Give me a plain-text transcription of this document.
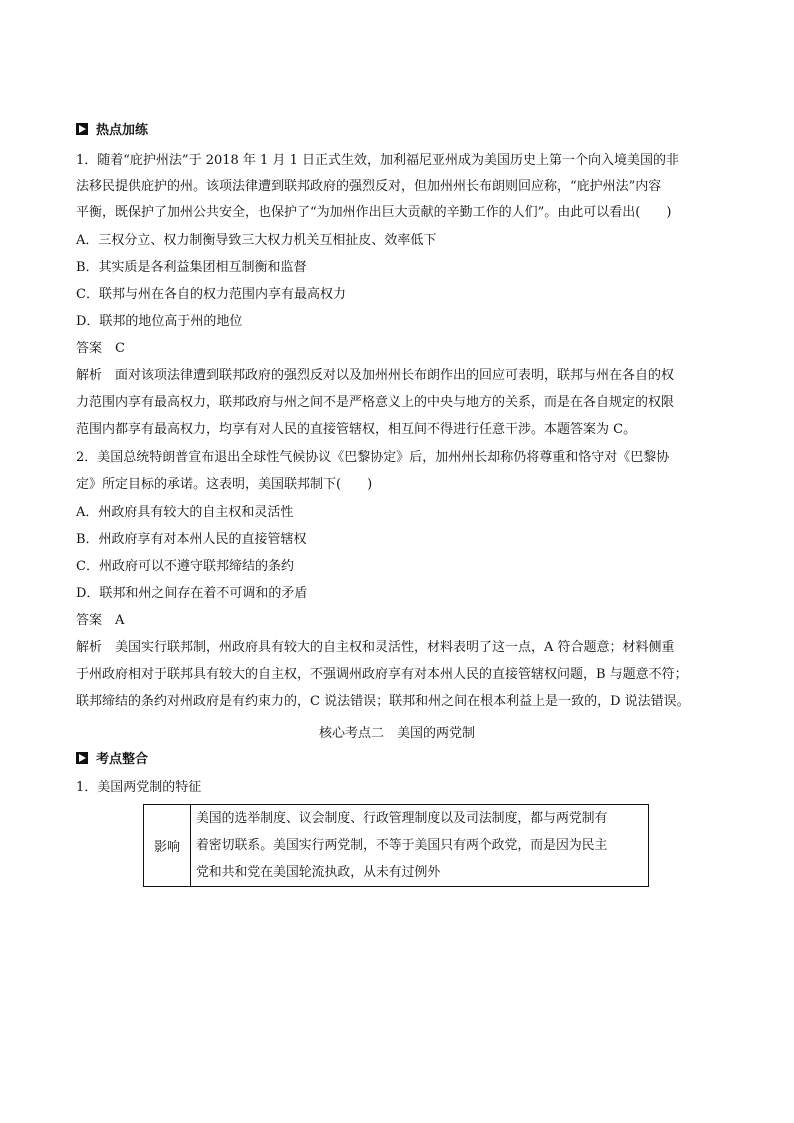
热点加练
1．随着“庇护州法”于 2018 年 1 月 1 日正式生效，加利福尼亚州成为美国历史上第一个向入境美国的非
法移民提供庇护的州。该项法律遭到联邦政府的强烈反对，但加州州长布朗则回应称，“庇护州法”内容
平衡，既保护了加州公共安全，也保护了“为加州作出巨大贡献的辛勤工作的人们”。由此可以看出(　　)
A．三权分立、权力制衡导致三大权力机关互相扯皮、效率低下
B．其实质是各利益集团相互制衡和监督
C．联邦与州在各自的权力范围内享有最高权力
D．联邦的地位高于州的地位
答案　C
解析　面对该项法律遭到联邦政府的强烈反对以及加州州长布朗作出的回应可表明，联邦与州在各自的权
力范围内享有最高权力，联邦政府与州之间不是严格意义上的中央与地方的关系，而是在各自规定的权限
范围内都享有最高权力，均享有对人民的直接管辖权，相互间不得进行任意干涉。本题答案为 C。
2．美国总统特朗普宣布退出全球性气候协议《巴黎协定》后，加州州长却称仍将尊重和恪守对《巴黎协
定》所定目标的承诺。这表明，美国联邦制下(　　)
A．州政府具有较大的自主权和灵活性
B．州政府享有对本州人民的直接管辖权
C．州政府可以不遵守联邦缔结的条约
D．联邦和州之间存在着不可调和的矛盾
答案　A
解析　美国实行联邦制，州政府具有较大的自主权和灵活性，材料表明了这一点，A 符合题意；材料侧重
于州政府相对于联邦具有较大的自主权，不强调州政府享有对本州人民的直接管辖权问题，B 与题意不符；
联邦缔结的条约对州政府是有约束力的，C 说法错误；联邦和州之间在根本利益上是一致的，D 说法错误。
核心考点二　美国的两党制
考点整合
1．美国两党制的特征
影响	
美国的选举制度、议会制度、行政管理制度以及司法制度，都与两党制有
着密切联系。美国实行两党制，不等于美国只有两个政党，而是因为民主
党和共和党在美国轮流执政，从未有过例外
